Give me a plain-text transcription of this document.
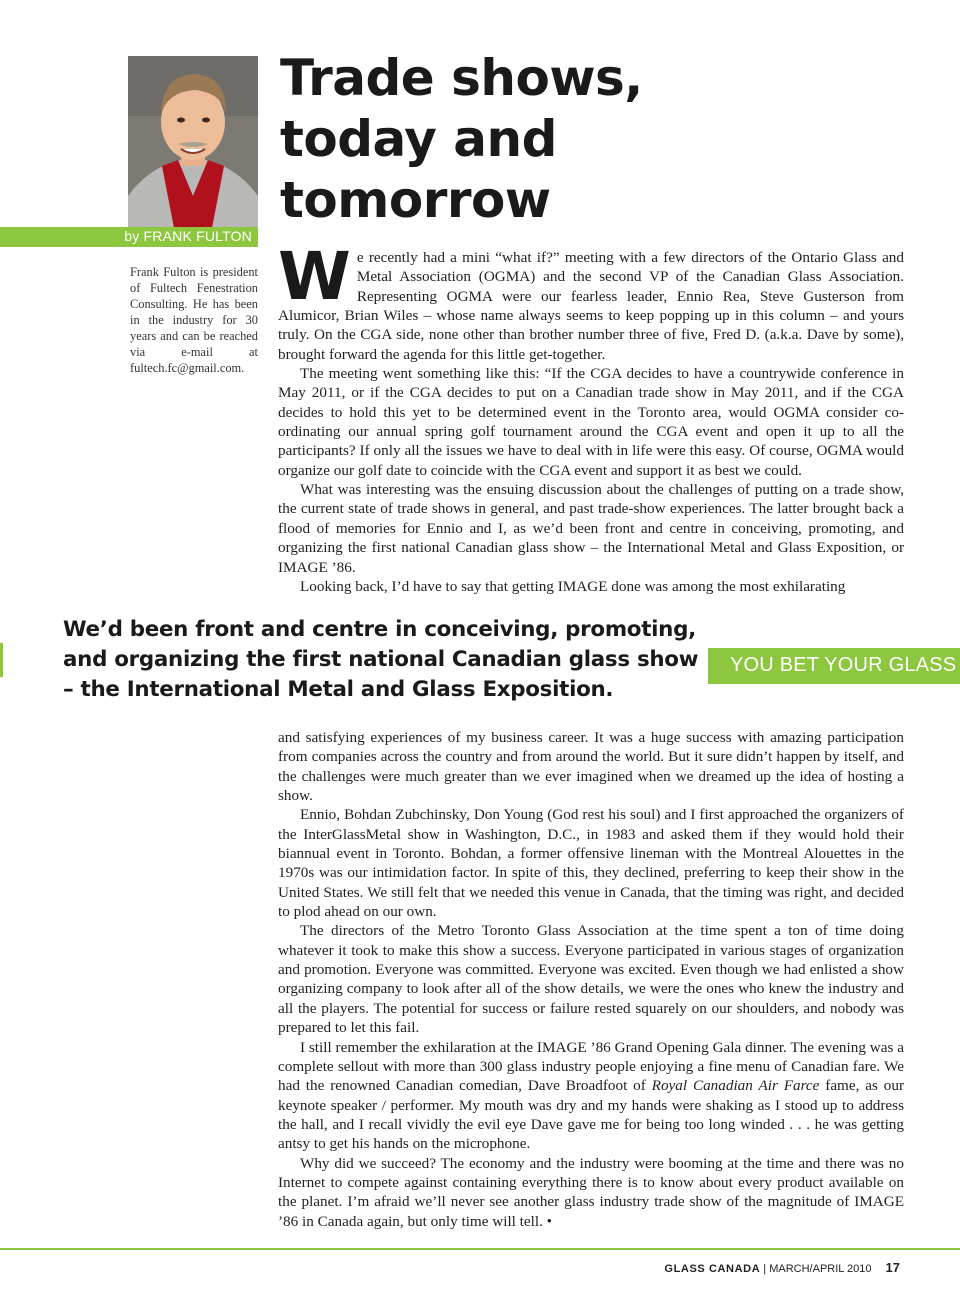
by FRANK FULTON
Frank Fulton is president of Fultech Fenestration Consulting. He has been in the industry for 30 years and can be reached via e-mail at fultech.fc@gmail.com.
Trade shows,
today and
tomorrow

We recently had a mini “what if?” meeting with a few directors of the Ontario Glass and Metal Association (OGMA) and the second VP of the Canadian Glass Association. Representing OGMA were our fearless leader, Ennio Rea, Steve Gusterson from Alumicor, Brian Wiles – whose name always seems to keep popping up in this column – and yours truly. On the CGA side, none other than brother number three of five, Fred D. (a.k.a. Dave by some), brought forward the agenda for this little get-together.

The meeting went something like this: “If the CGA decides to have a countrywide conference in May 2011, or if the CGA decides to put on a Canadian trade show in May 2011, and if the CGA decides to hold this yet to be determined event in the Toronto area, would OGMA consider co-ordinating our annual spring golf tournament around the CGA event and open it up to all the participants? If only all the issues we have to deal with in life were this easy. Of course, OGMA would organize our golf date to coincide with the CGA event and support it as best we could.

What was interesting was the ensuing discussion about the challenges of putting on a trade show, the current state of trade shows in general, and past trade-show experiences. The latter brought back a flood of memories for Ennio and I, as we’d been front and centre in conceiving, promoting, and organizing the first national Canadian glass show – the International Metal and Glass Exposition, or IMAGE ’86.

Looking back, I’d have to say that getting IMAGE done was among the most exhilarating

We’d been front and centre in conceiving, promoting,
and organizing the first national Canadian glass show
– the International Metal and Glass Exposition.
YOU BET YOUR GLASS

and satisfying experiences of my business career. It was a huge success with amazing participation from companies across the country and from around the world. But it sure didn’t happen by itself, and the challenges were much greater than we ever imagined when we dreamed up the idea of hosting a show.

Ennio, Bohdan Zubchinsky, Don Young (God rest his soul) and I first approached the organizers of the InterGlassMetal show in Washington, D.C., in 1983 and asked them if they would hold their biannual event in Toronto. Bohdan, a former offensive lineman with the Montreal Alouettes in the 1970s was our intimidation factor. In spite of this, they declined, preferring to keep their show in the United States. We still felt that we needed this venue in Canada, that the timing was right, and decided to plod ahead on our own.

The directors of the Metro Toronto Glass Association at the time spent a ton of time doing whatever it took to make this show a success. Everyone participated in various stages of organization and promotion. Everyone was committed. Everyone was excited. Even though we had enlisted a show organizing company to look after all of the show details, we were the ones who knew the industry and all the players. The potential for success or failure rested squarely on our shoulders, and nobody was prepared to let this fail.

I still remember the exhilaration at the IMAGE ’86 Grand Opening Gala dinner. The evening was a complete sellout with more than 300 glass industry people enjoying a fine menu of Canadian fare. We had the renowned Canadian comedian, Dave Broadfoot of Royal Canadian Air Farce fame, as our keynote speaker / performer. My mouth was dry and my hands were shaking as I stood up to address the hall, and I recall vividly the evil eye Dave gave me for being too long winded . . . he was getting antsy to get his hands on the microphone.

Why did we succeed? The economy and the industry were booming at the time and there was no Internet to compete against containing everything there is to know about every product available on the planet. I’m afraid we’ll never see another glass industry trade show of the magnitude of IMAGE ’86 in Canada again, but only time will tell. •

GLASS CANADA | MARCH/APRIL 2010 17
